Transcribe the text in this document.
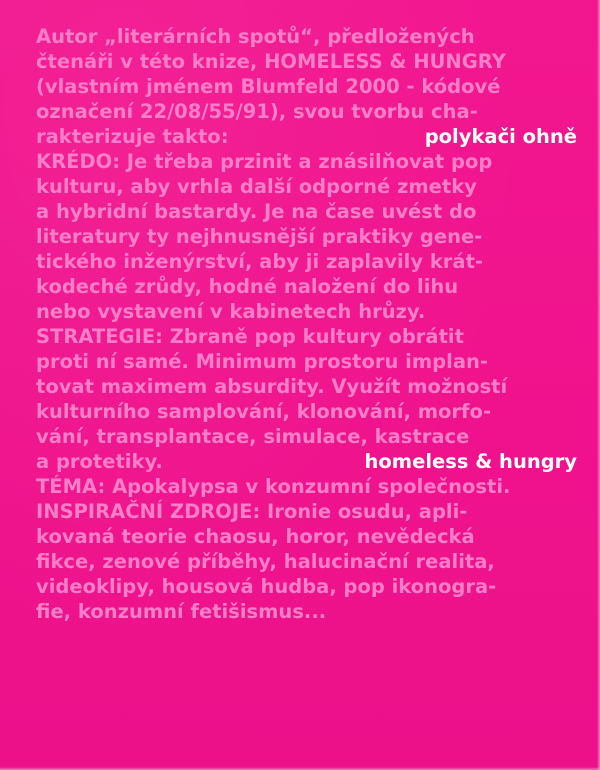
Autor „literárních spotů“, předložených
čtenáři v této knize, HOMELESS & HUNGRY
(vlastním jménem Blumfeld 2000 - kódové
označení 22/08/55/91), svou tvorbu cha-
rakterizuje takto:	polykači ohně
KRÉDO: Je třeba przinit a znásilňovat pop
kulturu, aby vrhla další odporné zmetky
a hybridní bastardy. Je na čase uvést do
literatury ty nejhnusnější praktiky gene-
tického inženýrství, aby ji zaplavily krát-
kodeché zrůdy, hodné naložení do lihu
nebo vystavení v kabinetech hrůzy.
STRATEGIE: Zbraně pop kultury obrátit
proti ní samé. Minimum prostoru implan-
tovat maximem absurdity. Využít možností
kulturního samplování, klonování, morfo-
vání, transplantace, simulace, kastrace
a protetiky.	homeless & hungry
TÉMA: Apokalypsa v konzumní společnosti.
INSPIRAČNÍ ZDROJE: Ironie osudu, apli-
kovaná teorie chaosu, horor, nevědecká
fikce, zenové příběhy, halucinační realita,
videoklipy, housová hudba, pop ikonogra-
fie, konzumní fetišismus...
